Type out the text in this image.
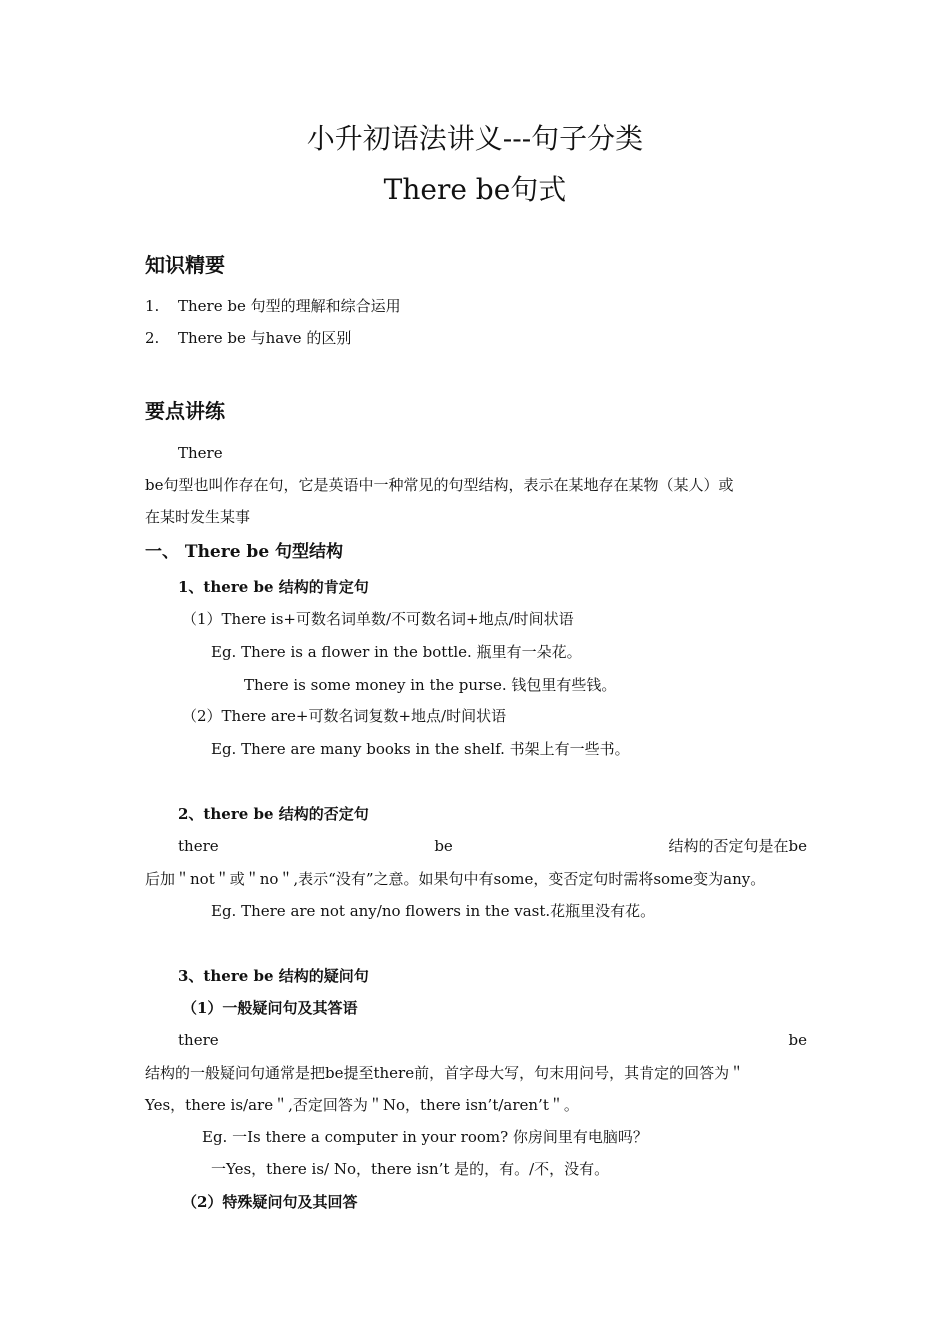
小升初语法讲义---句子分类
There be句式
知识精要
1. There be 句型的理解和综合运用
2. There be 与have 的区别
要点讲练
There
be句型也叫作存在句，它是英语中一种常见的句型结构，表示在某地存在某物（某人）或
在某时发生某事
一、 There be 句型结构
1、there be 结构的肯定句
（1）There is+可数名词单数/不可数名词+地点/时间状语
Eg. There is a flower in the bottle. 瓶里有一朵花。
There is some money in the purse. 钱包里有些钱。
（2）There are+可数名词复数+地点/时间状语
Eg. There are many books in the shelf. 书架上有一些书。
2、there be 结构的否定句
there	be	结构的否定句是在be
后加＂not＂或＂no＂,表示“没有”之意。如果句中有some，变否定句时需将some变为any。
Eg. There are not any/no flowers in the vast.花瓶里没有花。
3、there be 结构的疑问句
（1）一般疑问句及其答语
there	be
结构的一般疑问句通常是把be提至there前，首字母大写，句末用问号，其肯定的回答为＂
Yes，there is/are＂,否定回答为＂No，there isn’t/aren’t＂。
Eg. 一Is there a computer in your room? 你房间里有电脑吗？
一Yes，there is/ No，there isn’t 是的，有。/不，没有。
（2）特殊疑问句及其回答
